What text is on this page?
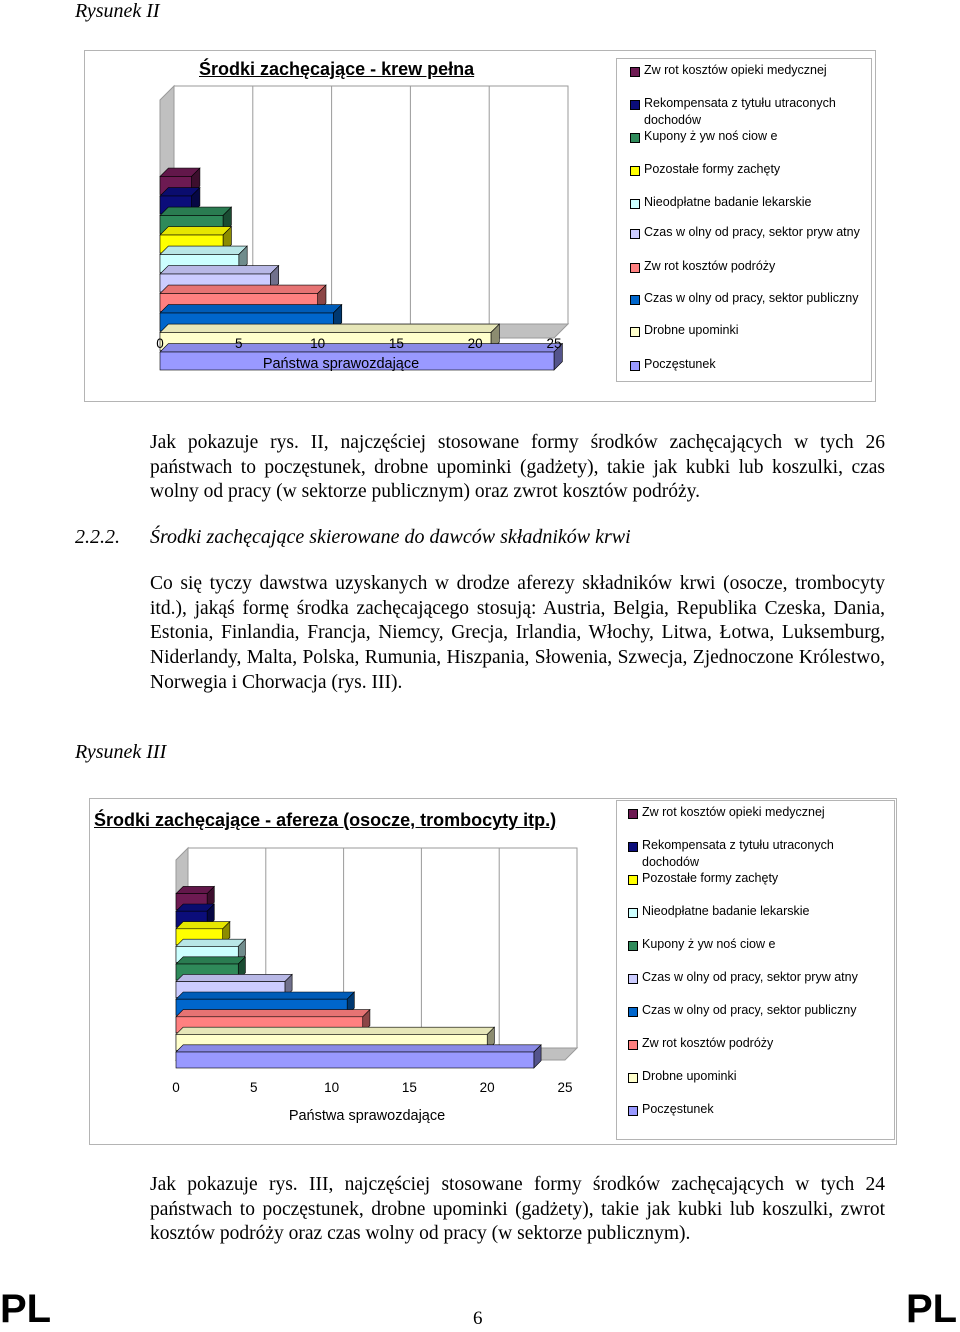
Rysunek II
Środki zachęcające - krew pełna
0	5	10	15	20	25
Państwa sprawozdające
Zw rot kosztów opieki medycznej
Rekompensata z tytułu utraconych dochodów
Kupony ż yw noś ciow e
Pozostałe formy zachęty
Nieodpłatne badanie lekarskie
Czas w olny od pracy, sektor pryw atny
Zw rot kosztów podróży
Czas w olny od pracy, sektor publiczny
Drobne upominki
Poczęstunek
Jak pokazuje rys. II, najczęściej stosowane formy środków zachęcających w tych 26 państwach to poczęstunek, drobne upominki (gadżety), takie jak kubki lub koszulki, czas wolny od pracy (w sektorze publicznym) oraz zwrot kosztów podróży.
2.2.2. Środki zachęcające skierowane do dawców składników krwi
Co się tyczy dawstwa uzyskanych w drodze aferezy składników krwi (osocze, trombocyty itd.), jakąś formę środka zachęcającego stosują: Austria, Belgia, Republika Czeska, Dania, Estonia, Finlandia, Francja, Niemcy, Grecja, Irlandia, Włochy, Litwa, Łotwa, Luksemburg, Niderlandy, Malta, Polska, Rumunia, Hiszpania, Słowenia, Szwecja, Zjednoczone Królestwo, Norwegia i Chorwacja (rys. III).
Rysunek III
Środki zachęcające - afereza (osocze, trombocyty itp.)
0	5	10	15	20	25
Państwa sprawozdające
Zw rot kosztów opieki medycznej
Rekompensata z tytułu utraconych dochodów
Pozostałe formy zachęty
Nieodpłatne badanie lekarskie
Kupony ż yw noś ciow e
Czas w olny od pracy, sektor pryw atny
Czas w olny od pracy, sektor publiczny
Zw rot kosztów podróży
Drobne upominki
Poczęstunek
Jak pokazuje rys. III, najczęściej stosowane formy środków zachęcających w tych 24 państwach to poczęstunek, drobne upominki (gadżety), takie jak kubki lub koszulki, zwrot kosztów podróży oraz czas wolny od pracy (w sektorze publicznym).
PL	6	PL
